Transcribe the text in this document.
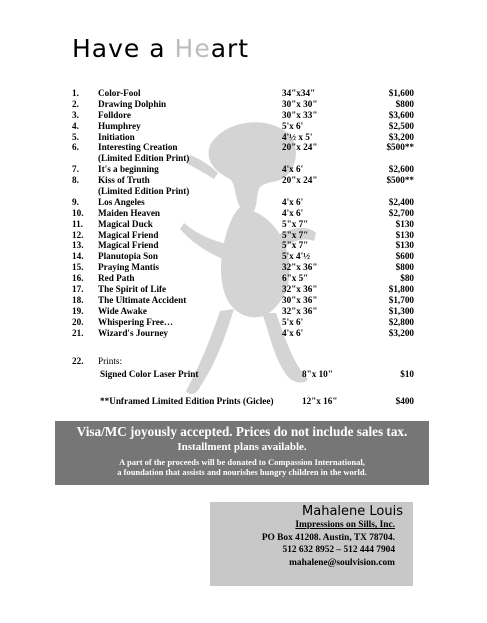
Have a Heart
1. Color-Fool	34"x34"	$1,600
2. Drawing Dolphin	30"x 30"	$800
3. Folldore	30"x 33"	$3,600
4. Humphrey	5'x 6'	$2,500
5. Initiation	4'½ x 5'	$3,200
6. Interesting Creation	20"x 24"	$500**
(Limited Edition Print)
7. It's a beginning	4'x 6'	$2,600
8. Kiss of Truth	20"x 24"	$500**
(Limited Edition Print)
9. Los Angeles	4'x 6'	$2,400
10. Maiden Heaven	4'x 6'	$2,700
11. Magical Duck	5"x 7"	$130
12. Magical Friend	5"x 7"	$130
13. Magical Friend	5"x 7"	$130
14. Planutopia Son	5'x 4'½	$600
15. Praying Mantis	32"x 36"	$800
16. Red Path	6"x 5"	$80
17. The Spirit of Life	32"x 36"	$1,800
18. The Ultimate Accident	30"x 36"	$1,700
19. Wide Awake	32"x 36"	$1,300
20. Whispering Free…	5'x 6'	$2,800
21. Wizard's Journey	4'x 6'	$3,200
22. Prints:
Signed Color Laser Print	8"x 10"	$10
**Unframed Limited Edition Prints (Giclee)	12"x 16"	$400
Visa/MC joyously accepted. Prices do not include sales tax.
Installment plans available.
A part of the proceeds will be donated to Compassion International,
a foundation that assists and nourishes hungry children in the world.
Mahalene Louis
Impressions on Sills, Inc.
PO Box 41208. Austin, TX 78704.
512 632 8952 – 512 444 7904
mahalene@soulvision.com
